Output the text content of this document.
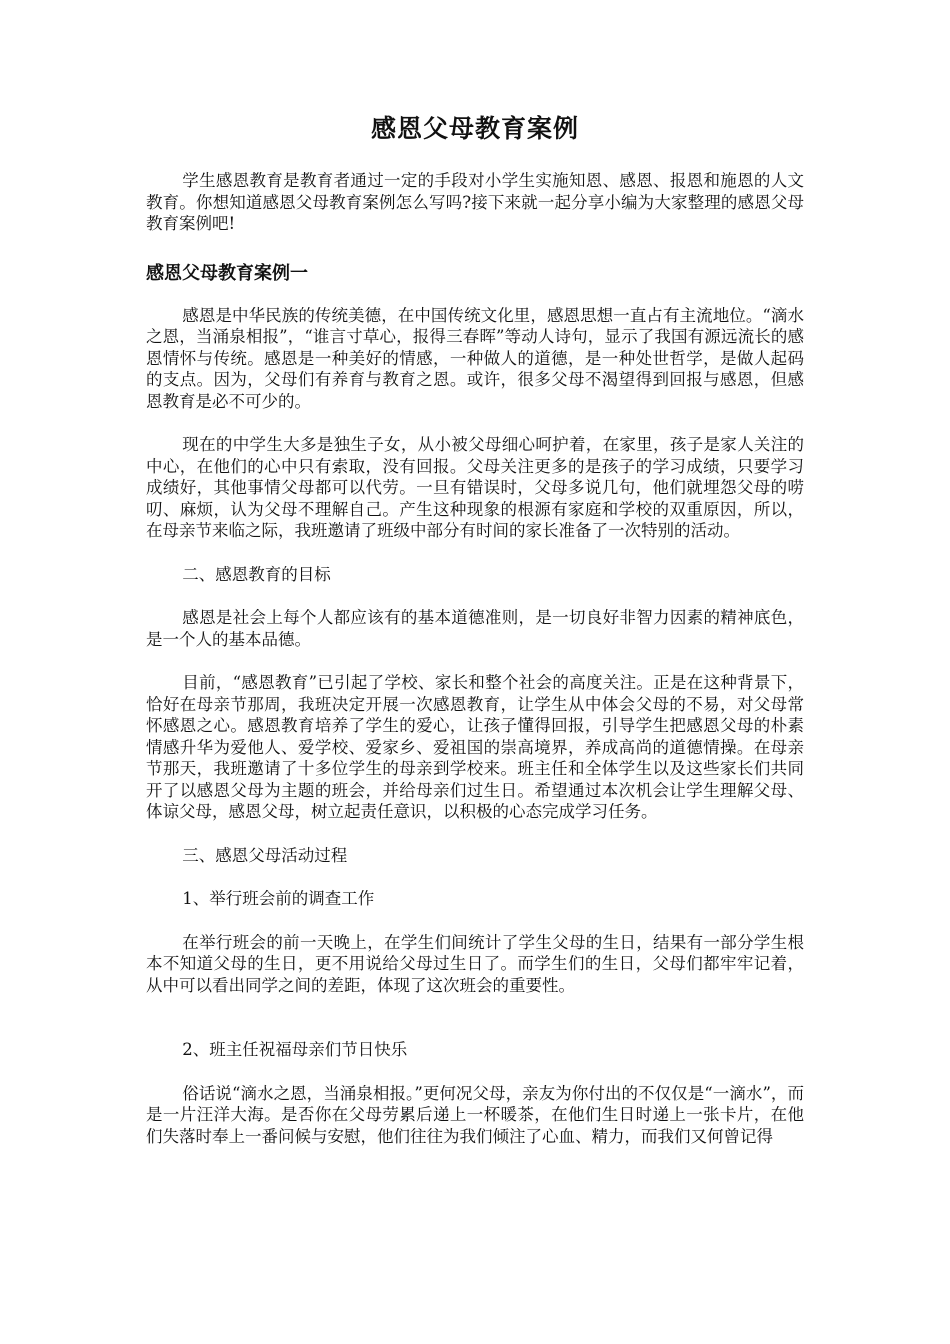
感恩父母教育案例

学生感恩教育是教育者通过一定的手段对小学生实施知恩、感恩、报恩和施恩的人文教育。你想知道感恩父母教育案例怎么写吗?接下来就一起分享小编为大家整理的感恩父母教育案例吧!

感恩父母教育案例一

感恩是中华民族的传统美德，在中国传统文化里，感恩思想一直占有主流地位。“滴水之恩，当涌泉相报”，“谁言寸草心，报得三春晖”等动人诗句，显示了我国有源远流长的感恩情怀与传统。感恩是一种美好的情感，一种做人的道德，是一种处世哲学，是做人起码的支点。因为，父母们有养育与教育之恩。或许，很多父母不渴望得到回报与感恩，但感恩教育是必不可少的。

现在的中学生大多是独生子女，从小被父母细心呵护着，在家里，孩子是家人关注的中心，在他们的心中只有索取，没有回报。父母关注更多的是孩子的学习成绩，只要学习成绩好，其他事情父母都可以代劳。一旦有错误时，父母多说几句，他们就埋怨父母的唠叨、麻烦，认为父母不理解自己。产生这种现象的根源有家庭和学校的双重原因，所以，在母亲节来临之际，我班邀请了班级中部分有时间的家长准备了一次特别的活动。

二、感恩教育的目标

感恩是社会上每个人都应该有的基本道德准则，是一切良好非智力因素的精神底色，是一个人的基本品德。

目前，“感恩教育”已引起了学校、家长和整个社会的高度关注。正是在这种背景下，恰好在母亲节那周，我班决定开展一次感恩教育，让学生从中体会父母的不易，对父母常怀感恩之心。感恩教育培养了学生的爱心，让孩子懂得回报，引导学生把感恩父母的朴素情感升华为爱他人、爱学校、爱家乡、爱祖国的崇高境界，养成高尚的道德情操。在母亲节那天，我班邀请了十多位学生的母亲到学校来。班主任和全体学生以及这些家长们共同开了以感恩父母为主题的班会，并给母亲们过生日。希望通过本次机会让学生理解父母、体谅父母，感恩父母，树立起责任意识，以积极的心态完成学习任务。

三、感恩父母活动过程

1、举行班会前的调查工作

在举行班会的前一天晚上，在学生们间统计了学生父母的生日，结果有一部分学生根本不知道父母的生日，更不用说给父母过生日了。而学生们的生日，父母们都牢牢记着，从中可以看出同学之间的差距，体现了这次班会的重要性。

2、班主任祝福母亲们节日快乐

俗话说“滴水之恩，当涌泉相报。”更何况父母，亲友为你付出的不仅仅是“一滴水”，而是一片汪洋大海。是否你在父母劳累后递上一杯暖茶，在他们生日时递上一张卡片，在他们失落时奉上一番问候与安慰，他们往往为我们倾注了心血、精力，而我们又何曾记得
